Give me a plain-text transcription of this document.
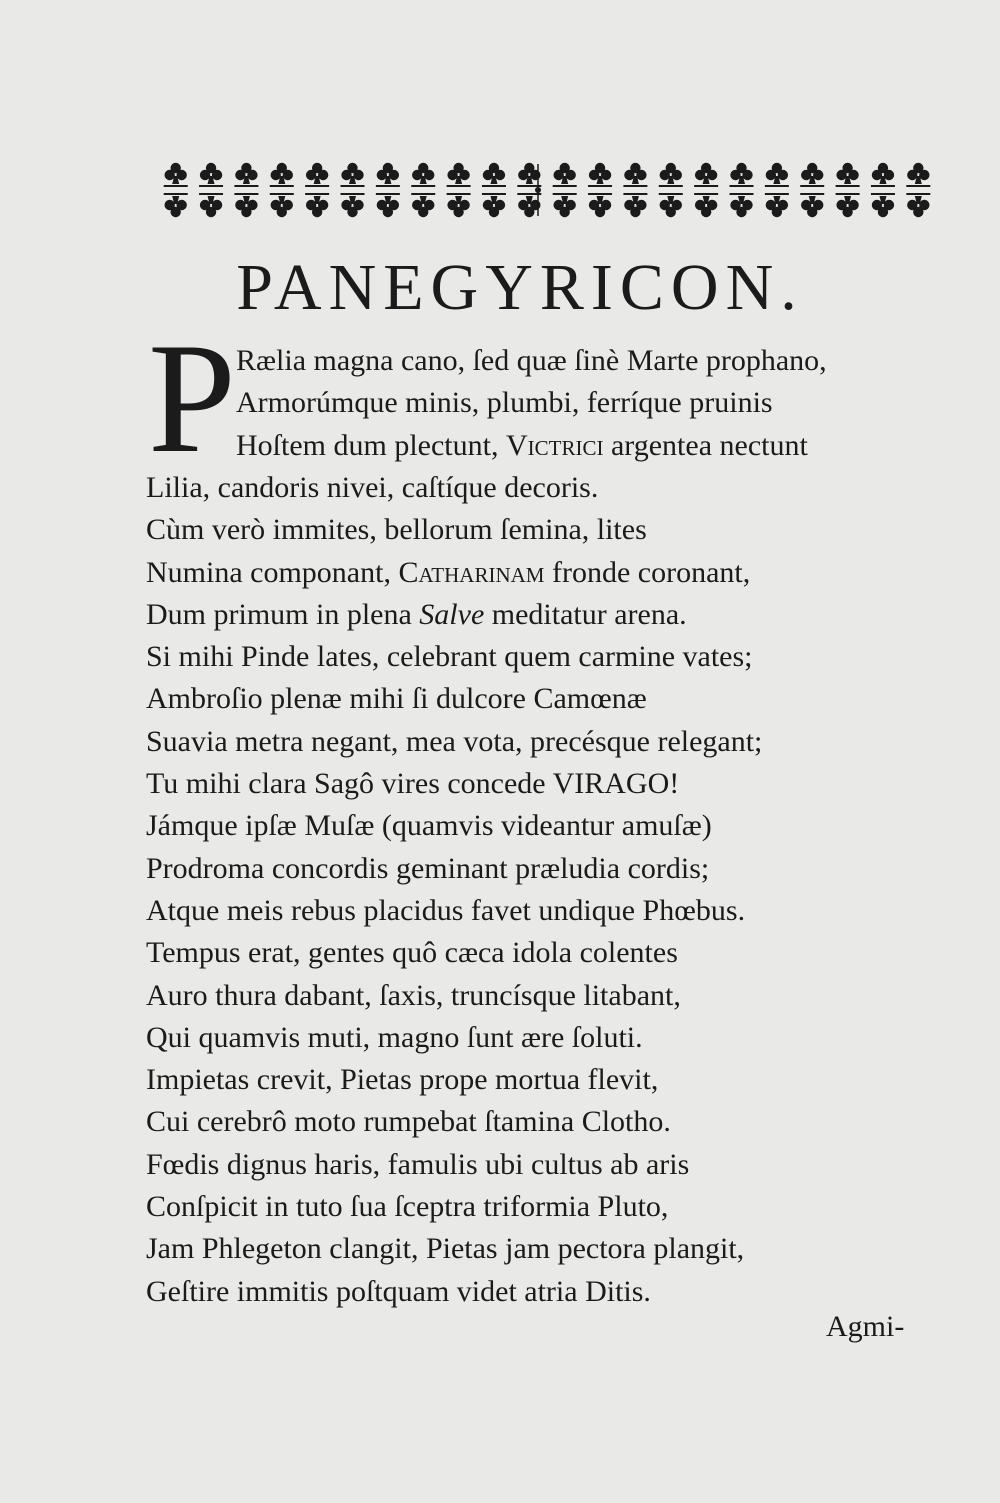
PANEGYRICON.
P Rælia magna cano, ſed quæ ſinè Marte prophano,
Armorúmque minis, plumbi, ferríque pruinis
Hoſtem dum plectunt, Victrici argentea nectunt
Lilia, candoris nivei, caſtíque decoris.
Cùm verò immites, bellorum ſemina, lites
Numina componant, Catharinam fronde coronant,
Dum primum in plena Salve meditatur arena.
Si mihi Pinde lates, celebrant quem carmine vates;
Ambroſio plenæ mihi ſi dulcore Camœnæ
Suavia metra negant, mea vota, precésque relegant;
Tu mihi clara Sagô vires concede VIRAGO!
Jámque ipſæ Muſæ (quamvis videantur amuſæ)
Prodroma concordis geminant præludia cordis;
Atque meis rebus placidus favet undique Phœbus.
Tempus erat, gentes quô cæca idola colentes
Auro thura dabant, ſaxis, truncísque litabant,
Qui quamvis muti, magno ſunt ære ſoluti.
Impietas crevit, Pietas prope mortua flevit,
Cui cerebrô moto rumpebat ſtamina Clotho.
Fœdis dignus haris, famulis ubi cultus ab aris
Conſpicit in tuto ſua ſceptra triformia Pluto,
Jam Phlegeton clangit, Pietas jam pectora plangit,
Geſtire immitis poſtquam videt atria Ditis.
Agmi-
